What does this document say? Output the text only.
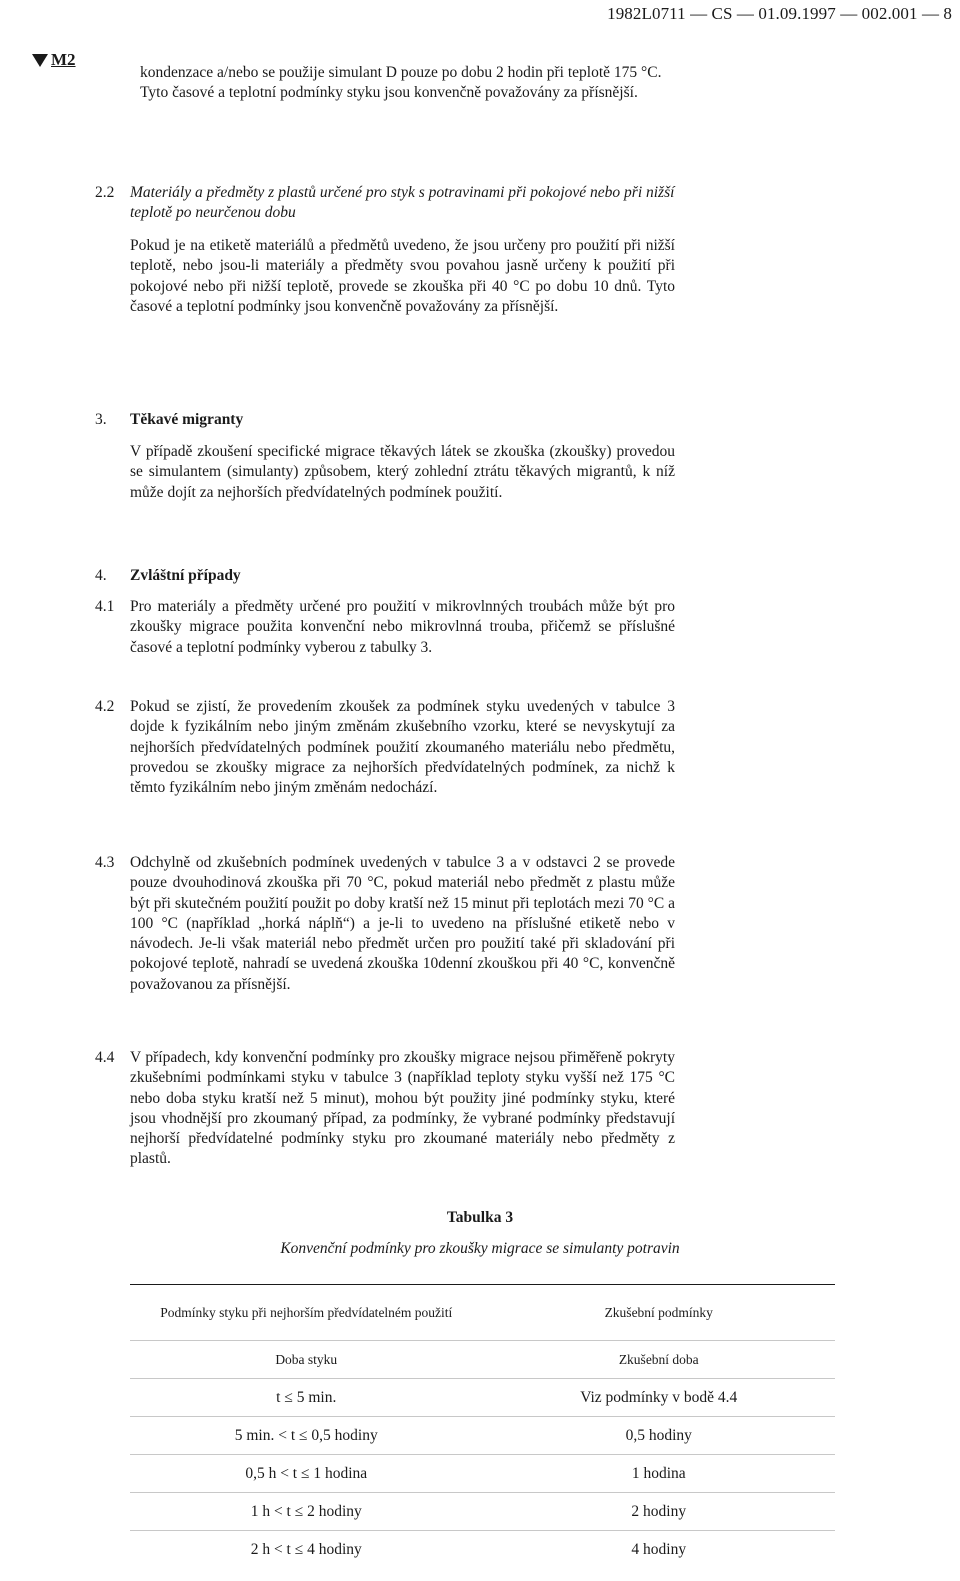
1982L0711 — CS — 01.09.1997 — 002.001 — 8
M2
kondenzace a/nebo se použije simulant D pouze po dobu 2 hodin při teplotě 175 °C. Tyto časové a teplotní podmínky styku jsou konvenčně považovány za přísnější.
2.2 Materiály a předměty z plastů určené pro styk s potravinami při pokojové nebo při nižší teplotě po neurčenou dobu
Pokud je na etiketě materiálů a předmětů uvedeno, že jsou určeny pro použití při nižší teplotě, nebo jsou-li materiály a předměty svou povahou jasně určeny k použití při pokojové nebo při nižší teplotě, provede se zkouška při 40 °C po dobu 10 dnů. Tyto časové a teplotní podmínky jsou konvenčně považovány za přísnější.
3. Těkavé migranty
V případě zkoušení specifické migrace těkavých látek se zkouška (zkoušky) provedou se simulantem (simulanty) způsobem, který zohlední ztrátu těkavých migrantů, k níž může dojít za nejhorších předvídatelných podmínek použití.
4. Zvláštní případy
4.1 Pro materiály a předměty určené pro použití v mikrovlnných troubách může být pro zkoušky migrace použita konvenční nebo mikrovlnná trouba, přičemž se příslušné časové a teplotní podmínky vyberou z tabulky 3.
4.2 Pokud se zjistí, že provedením zkoušek za podmínek styku uvedených v tabulce 3 dojde k fyzikálním nebo jiným změnám zkušebního vzorku, které se nevyskytují za nejhorších předvídatelných podmínek použití zkoumaného materiálu nebo předmětu, provedou se zkoušky migrace za nejhorších předvídatelných podmínek, za nichž k těmto fyzikálním nebo jiným změnám nedochází.
4.3 Odchylně od zkušebních podmínek uvedených v tabulce 3 a v odstavci 2 se provede pouze dvouhodinová zkouška při 70 °C, pokud materiál nebo předmět z plastu může být při skutečném použití použit po doby kratší než 15 minut při teplotách mezi 70 °C a 100 °C (například „horká náplň“) a je-li to uvedeno na příslušné etiketě nebo v návodech. Je-li však materiál nebo předmět určen pro použití také při skladování při pokojové teplotě, nahradí se uvedená zkouška 10denní zkouškou při 40 °C, konvenčně považovanou za přísnější.
4.4 V případech, kdy konvenční podmínky pro zkoušky migrace nejsou přiměřeně pokryty zkušebními podmínkami styku v tabulce 3 (například teploty styku vyšší než 175 °C nebo doba styku kratší než 5 minut), mohou být použity jiné podmínky styku, které jsou vhodnější pro zkoumaný případ, za podmínky, že vybrané podmínky představují nejhorší předvídatelné podmínky styku pro zkoumané materiály nebo předměty z plastů.
Tabulka 3
Konvenční podmínky pro zkoušky migrace se simulanty potravin
Podmínky styku při nejhorším předvídatelném použití	Zkušební podmínky
Doba styku	Zkušební doba
t ≤ 5 min.	Viz podmínky v bodě 4.4
5 min. < t ≤ 0,5 hodiny	0,5 hodiny
0,5 h < t ≤ 1 hodina	1 hodina
1 h < t ≤ 2 hodiny	2 hodiny
2 h < t ≤ 4 hodiny	4 hodiny
